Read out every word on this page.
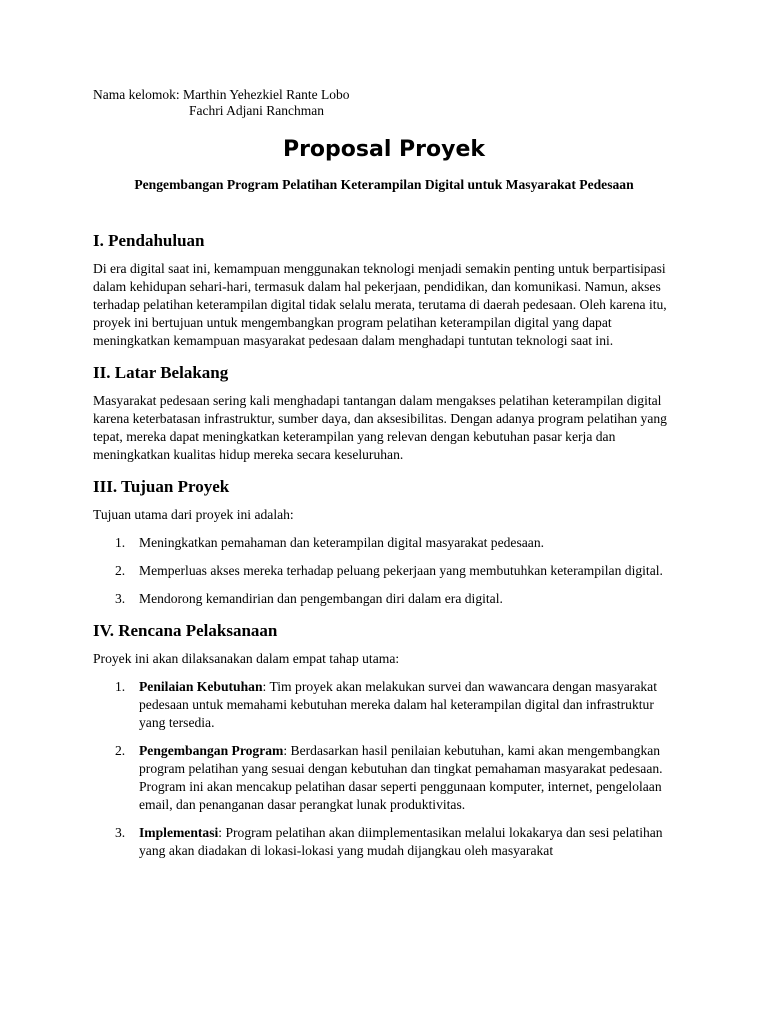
Nama kelomok: Marthin Yehezkiel Rante Lobo
Fachri Adjani Ranchman
Proposal Proyek
Pengembangan Program Pelatihan Keterampilan Digital untuk Masyarakat Pedesaan
I. Pendahuluan

Di era digital saat ini, kemampuan menggunakan teknologi menjadi semakin penting untuk berpartisipasi dalam kehidupan sehari-hari, termasuk dalam hal pekerjaan, pendidikan, dan komunikasi. Namun, akses terhadap pelatihan keterampilan digital tidak selalu merata, terutama di daerah pedesaan. Oleh karena itu, proyek ini bertujuan untuk mengembangkan program pelatihan keterampilan digital yang dapat meningkatkan kemampuan masyarakat pedesaan dalam menghadapi tuntutan teknologi saat ini.

II. Latar Belakang

Masyarakat pedesaan sering kali menghadapi tantangan dalam mengakses pelatihan keterampilan digital karena keterbatasan infrastruktur, sumber daya, dan aksesibilitas. Dengan adanya program pelatihan yang tepat, mereka dapat meningkatkan keterampilan yang relevan dengan kebutuhan pasar kerja dan meningkatkan kualitas hidup mereka secara keseluruhan.

III. Tujuan Proyek

Tujuan utama dari proyek ini adalah:

1. Meningkatkan pemahaman dan keterampilan digital masyarakat pedesaan.
2. Memperluas akses mereka terhadap peluang pekerjaan yang membutuhkan keterampilan digital.
3. Mendorong kemandirian dan pengembangan diri dalam era digital.
IV. Rencana Pelaksanaan

Proyek ini akan dilaksanakan dalam empat tahap utama:

1. Penilaian Kebutuhan: Tim proyek akan melakukan survei dan wawancara dengan masyarakat pedesaan untuk memahami kebutuhan mereka dalam hal keterampilan digital dan infrastruktur yang tersedia.
2. Pengembangan Program: Berdasarkan hasil penilaian kebutuhan, kami akan mengembangkan program pelatihan yang sesuai dengan kebutuhan dan tingkat pemahaman masyarakat pedesaan. Program ini akan mencakup pelatihan dasar seperti penggunaan komputer, internet, pengelolaan email, dan penanganan dasar perangkat lunak produktivitas.
3. Implementasi: Program pelatihan akan diimplementasikan melalui lokakarya dan sesi pelatihan yang akan diadakan di lokasi-lokasi yang mudah dijangkau oleh masyarakat
